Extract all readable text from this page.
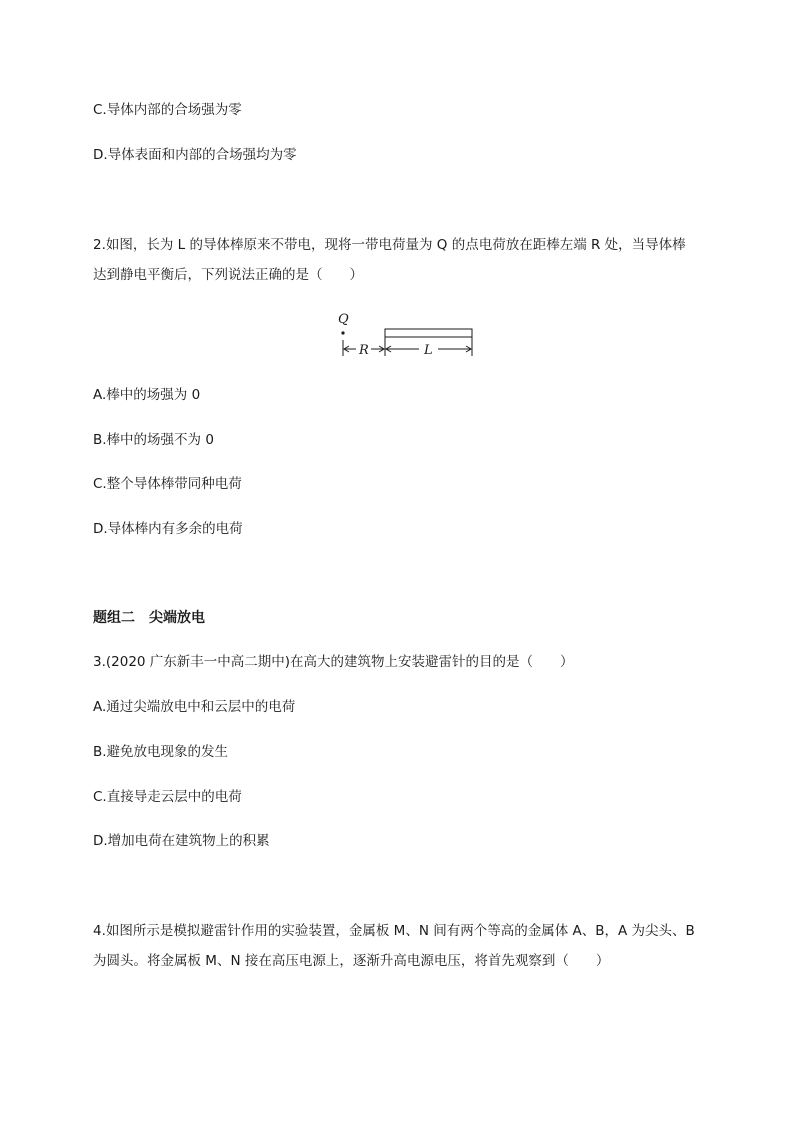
C.导体内部的合场强为零
D.导体表面和内部的合场强均为零
2.如图，长为 L 的导体棒原来不带电，现将一带电荷量为 Q 的点电荷放在距棒左端 R 处，当导体棒
达到静电平衡后，下列说法正确的是（　　）
Q
R	L
A.棒中的场强为 0
B.棒中的场强不为 0
C.整个导体棒带同种电荷
D.导体棒内有多余的电荷
题组二　尖端放电
3.(2020 广东新丰一中高二期中)在高大的建筑物上安装避雷针的目的是（　　）
A.通过尖端放电中和云层中的电荷
B.避免放电现象的发生
C.直接导走云层中的电荷
D.增加电荷在建筑物上的积累
4.如图所示是模拟避雷针作用的实验装置，金属板 M、N 间有两个等高的金属体 A、B，A 为尖头、B
为圆头。将金属板 M、N 接在高压电源上，逐渐升高电源电压，将首先观察到（　　）
